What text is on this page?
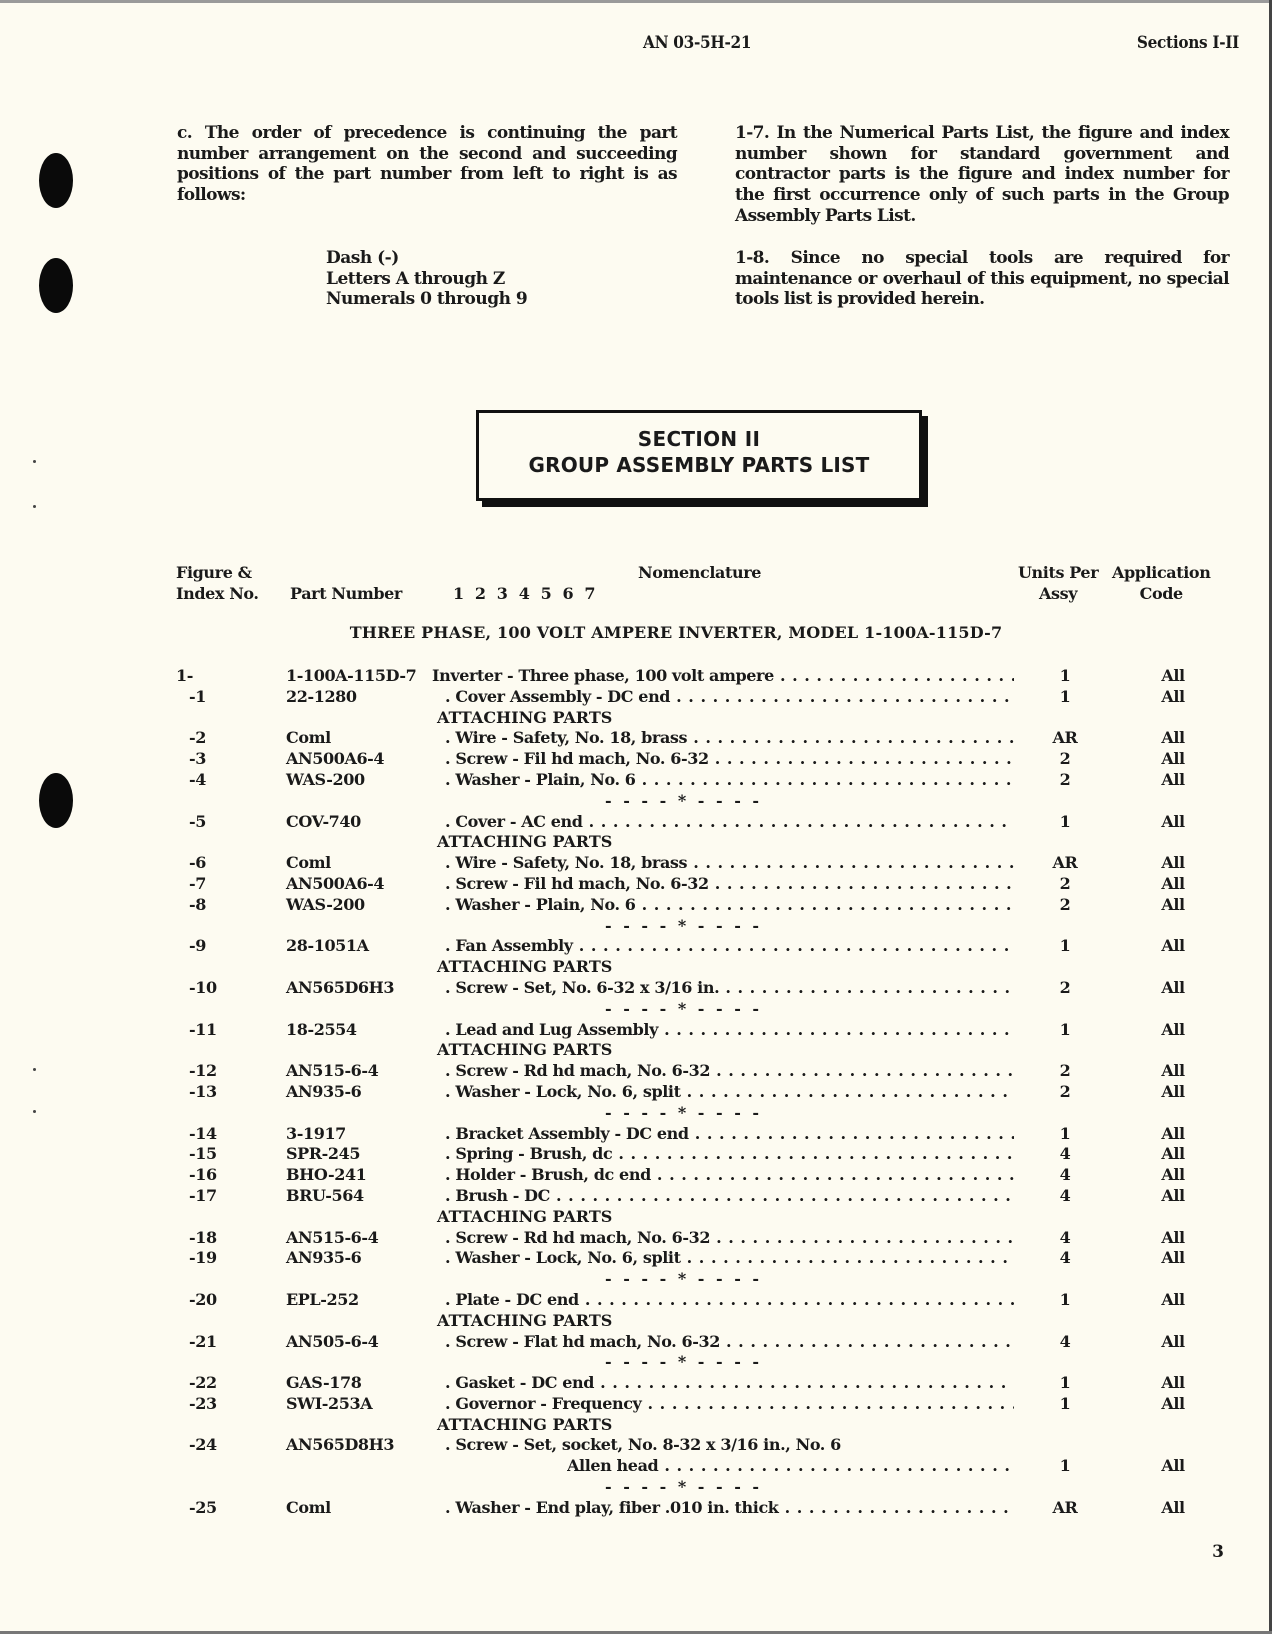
AN 03-5H-21	Sections I-II
c. The order of precedence is continuing the part number arrangement on the second and succeeding positions of the part number from left to right is as follows:
Dash (-)
Letters A through Z
Numerals 0 through 9
1-7. In the Numerical Parts List, the figure and index number shown for standard government and contractor parts is the figure and index number for the first occurrence only of such parts in the Group Assembly Parts List.
1-8. Since no special tools are required for maintenance or overhaul of this equipment, no special tools list is provided herein.
SECTION II
GROUP ASSEMBLY PARTS LIST
Figure &
Index No. Part Number	1 2 3 4 5 6 7
Nomenclature	Units Per
Assy
Application
Code
THREE PHASE, 100 VOLT AMPERE INVERTER, MODEL 1-100A-115D-7
1-	1-100A-115D-7 Inverter - Three phase, 100 volt ampere . . .	1	All
-1	22-1280	. Cover Assembly - DC end . . .	1	All
ATTACHING PARTS
-2	Coml	. Wire - Safety, No. 18, brass . . .	AR	All
-3	AN500A6-4	. Screw - Fil hd mach, No. 6-32 . . .	2	All
-4	WAS-200	. Washer - Plain, No. 6 . . .	2	All
- - - - * - - - -
-5	COV-740	. Cover - AC end . . .	1	All
ATTACHING PARTS
-6	Coml	. Wire - Safety, No. 18, brass . . .	AR	All
-7	AN500A6-4	. Screw - Fil hd mach, No. 6-32 . . .	2	All
-8	WAS-200	. Washer - Plain, No. 6 . . .	2	All
- - - - * - - - -
-9	28-1051A	. Fan Assembly . . .	1	All
ATTACHING PARTS
-10	AN565D6H3	. Screw - Set, No. 6-32 x 3/16 in. . . .	2	All
- - - - * - - - -
-11	18-2554	. Lead and Lug Assembly . . .	1	All
ATTACHING PARTS
-12	AN515-6-4	. Screw - Rd hd mach, No. 6-32 . . .	2	All
-13	AN935-6	. Washer - Lock, No. 6, split . . .	2	All
- - - - * - - - -
-14	3-1917	. Bracket Assembly - DC end . . .	1	All
-15	SPR-245	. Spring - Brush, dc . . .	4	All
-16	BHO-241	. Holder - Brush, dc end . . .	4	All
-17	BRU-564	. Brush - DC . . .	4	All
ATTACHING PARTS
-18	AN515-6-4	. Screw - Rd hd mach, No. 6-32 . . .	4	All
-19	AN935-6	. Washer - Lock, No. 6, split . . .	4	All
- - - - * - - - -
-20	EPL-252	. Plate - DC end . . .	1	All
ATTACHING PARTS
-21	AN505-6-4	. Screw - Flat hd mach, No. 6-32 . . .	4	All
- - - - * - - - -
-22	GAS-178	. Gasket - DC end . . .	1	All
-23	SWI-253A	. Governor - Frequency . . .	1	All
ATTACHING PARTS
-24	AN565D8H3	. Screw - Set, socket, No. 8-32 x 3/16 in., No. 6
Allen head . . .	1	All
- - - - * - - - -
-25	Coml	. Washer - End play, fiber .010 in. thick . . .	AR	All
3
